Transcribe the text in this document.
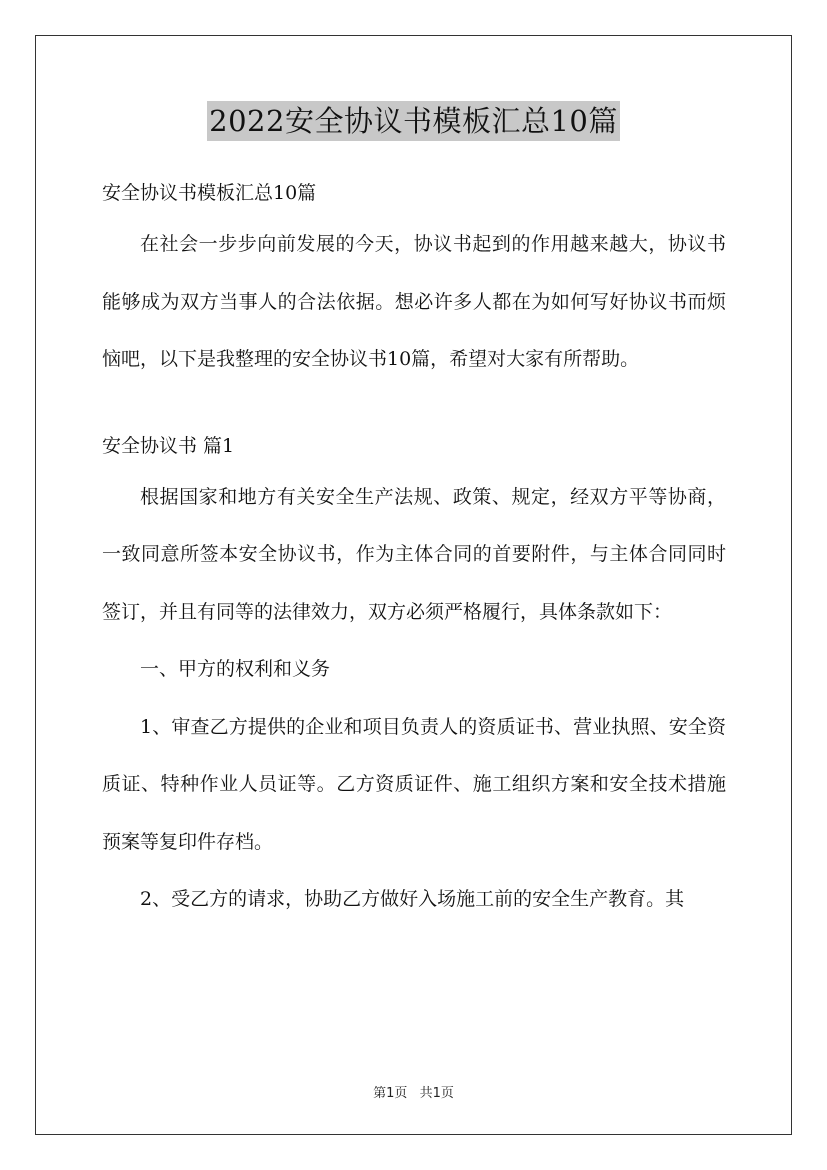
2022安全协议书模板汇总10篇

安全协议书模板汇总10篇

在社会一步步向前发展的今天，协议书起到的作用越来越大，协议书能够成为双方当事人的合法依据。想必许多人都在为如何写好协议书而烦恼吧，以下是我整理的安全协议书10篇，希望对大家有所帮助。

安全协议书 篇1

根据国家和地方有关安全生产法规、政策、规定，经双方平等协商，一致同意所签本安全协议书，作为主体合同的首要附件，与主体合同同时签订，并且有同等的法律效力，双方必须严格履行，具体条款如下：

一、甲方的权利和义务

1、审查乙方提供的企业和项目负责人的资质证书、营业执照、安全资质证、特种作业人员证等。乙方资质证件、施工组织方案和安全技术措施预案等复印件存档。

2、受乙方的请求，协助乙方做好入场施工前的安全生产教育。其

第1页 共1页
